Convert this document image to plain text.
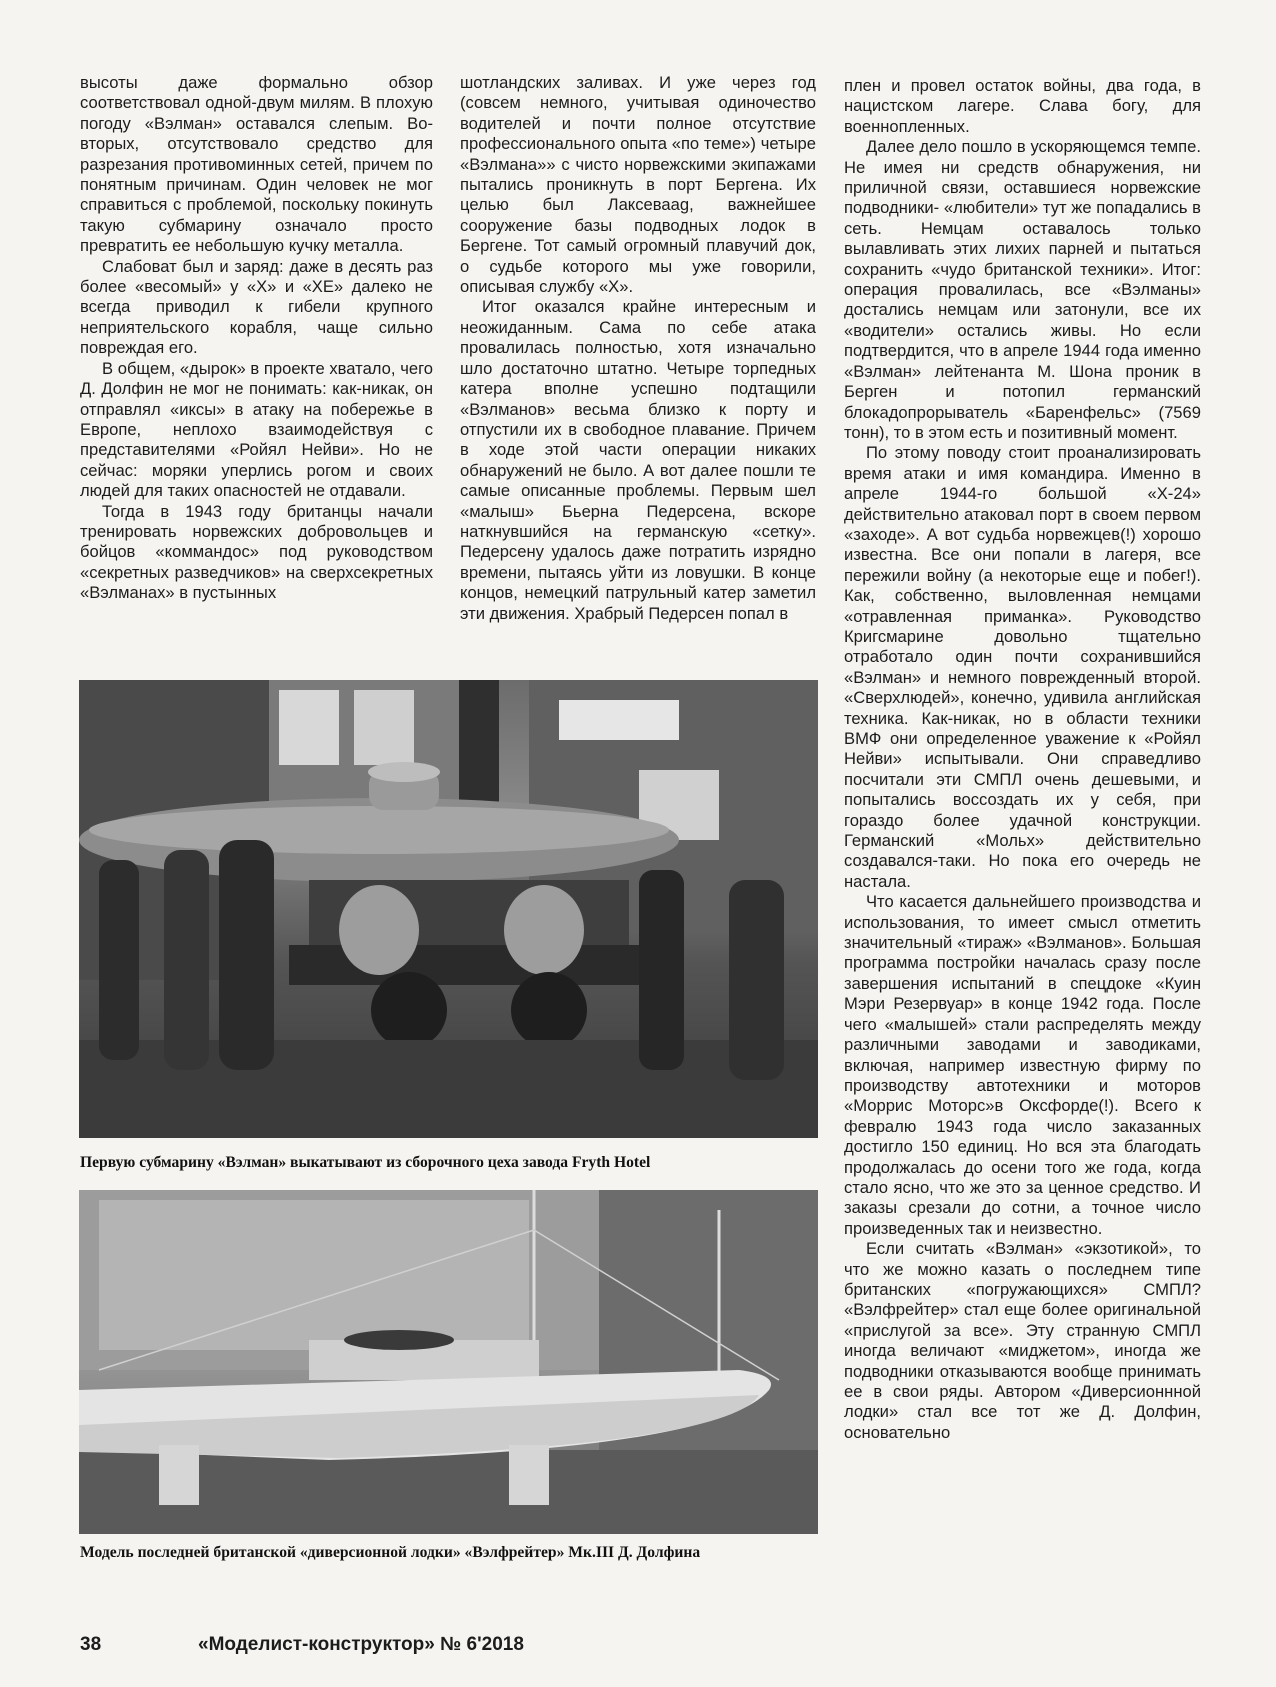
высоты даже формально обзор соответствовал одной-двум милям. В плохую погоду «Вэлман» оставался слепым. Во-вторых, отсутствовало средство для разрезания противоминных сетей, причем по понятным причинам. Один человек не мог справиться с проблемой, поскольку покинуть такую субмарину означало просто превратить ее небольшую кучку металла.

Слабоват был и заряд: даже в десять раз более «весомый» у «X» и «XE» далеко не всегда приводил к гибели крупного неприятельского корабля, чаще сильно повреждая его.

В общем, «дырок» в проекте хватало, чего Д. Долфин не мог не понимать: как-никак, он отправлял «иксы» в атаку на побережье в Европе, неплохо взаимодействуя с представителями «Ройял Нейви». Но не сейчас: моряки уперлись рогом и своих людей для таких опасностей не отдавали.

Тогда в 1943 году британцы начали тренировать норвежских добровольцев и бойцов «коммандос» под руководством «секретных разведчиков» на сверхсекретных «Вэлманах» в пустынных

шотландских заливах. И уже через год (совсем немного, учитывая одиночество водителей и почти полное отсутствие профессионального опыта «по теме») четыре «Вэлмана»» с чисто норвежскими экипажами пытались проникнуть в порт Бергена. Их целью был Лаксеваag, важнейшее сооружение базы подводных лодок в Бергене. Тот самый огромный плавучий док, о судьбе которого мы уже говорили, описывая службу «X».

Итог оказался крайне интересным и неожиданным. Сама по себе атака провалилась полностью, хотя изначально шло достаточно штатно. Четыре торпедных катера вполне успешно подтащили «Вэлманов» весьма близко к порту и отпустили их в свободное плавание. Причем в ходе этой части операции никаких обнаружений не было. А вот далее пошли те самые описанные проблемы. Первым шел «малыш» Бьерна Педерсена, вскоре наткнувшийся на германскую «сетку». Педерсену удалось даже потратить изрядно времени, пытаясь уйти из ловушки. В конце концов, немецкий патрульный катер заметил эти движения. Храбрый Педерсен попал в

плен и провел остаток войны, два года, в нацистском лагере. Слава богу, для военнопленных.

Далее дело пошло в ускоряющемся темпе. Не имея ни средств обнаружения, ни приличной связи, оставшиеся норвежские подводники- «любители» тут же попадались в сеть. Немцам оставалось только вылавливать этих лихих парней и пытаться сохранить «чудо британской техники». Итог: операция провалилась, все «Вэлманы» достались немцам или затонули, все их «водители» остались живы. Но если подтвердится, что в апреле 1944 года именно «Вэлман» лейтенанта М. Шона проник в Берген и потопил германский блокадопрорыватель «Баренфельс» (7569 тонн), то в этом есть и позитивный момент.

По этому поводу стоит проанализировать время атаки и имя командира. Именно в апреле 1944-го большой «X-24» действительно атаковал порт в своем первом «заходе». А вот судьба норвежцев(!) хорошо известна. Все они попали в лагеря, все пережили войну (а некоторые еще и побег!). Как, собственно, выловленная немцами «отравленная приманка». Руководство Кригсмарине довольно тщательно отработало один почти сохранившийся «Вэлман» и немного поврежденный второй. «Сверхлюдей», конечно, удивила английская техника. Как-никак, но в области техники ВМФ они определенное уважение к «Ройял Нейви» испытывали. Они справедливо посчитали эти СМПЛ очень дешевыми, и попытались воссоздать их у себя, при гораздо более удачной конструкции. Германский «Мольх» действительно создавался-таки. Но пока его очередь не настала.

Что касается дальнейшего производства и использования, то имеет смысл отметить значительный «тираж» «Вэлманов». Большая программа постройки началась сразу после завершения испытаний в спецдоке «Куин Мэри Резервуар» в конце 1942 года. После чего «малышей» стали распределять между различными заводами и заводиками, включая, например известную фирму по производству автотехники и моторов «Моррис Моторс»в Оксфорде(!). Всего к февралю 1943 года число заказанных достигло 150 единиц. Но вся эта благодать продолжалась до осени того же года, когда стало ясно, что же это за ценное средство. И заказы срезали до сотни, а точное число произведенных так и неизвестно.

Если считать «Вэлман» «экзотикой», то что же можно казать о последнем типе британских «погружающихся» СМПЛ? «Вэлфрейтер» стал еще более оригинальной «прислугой за все». Эту странную СМПЛ иногда величают «миджетом», иногда же подводники отказываются вообще принимать ее в свои ряды. Автором «Диверсионнной лодки» стал все тот же Д. Долфин, основательно

Первую субмарину «Вэлман» выкатывают из сборочного цеха завода Fryth Hotel
Модель последней британской «диверсионной лодки» «Вэлфрейтер» Мк.III Д. Долфина
38	«Моделист-конструктор» № 6'2018
